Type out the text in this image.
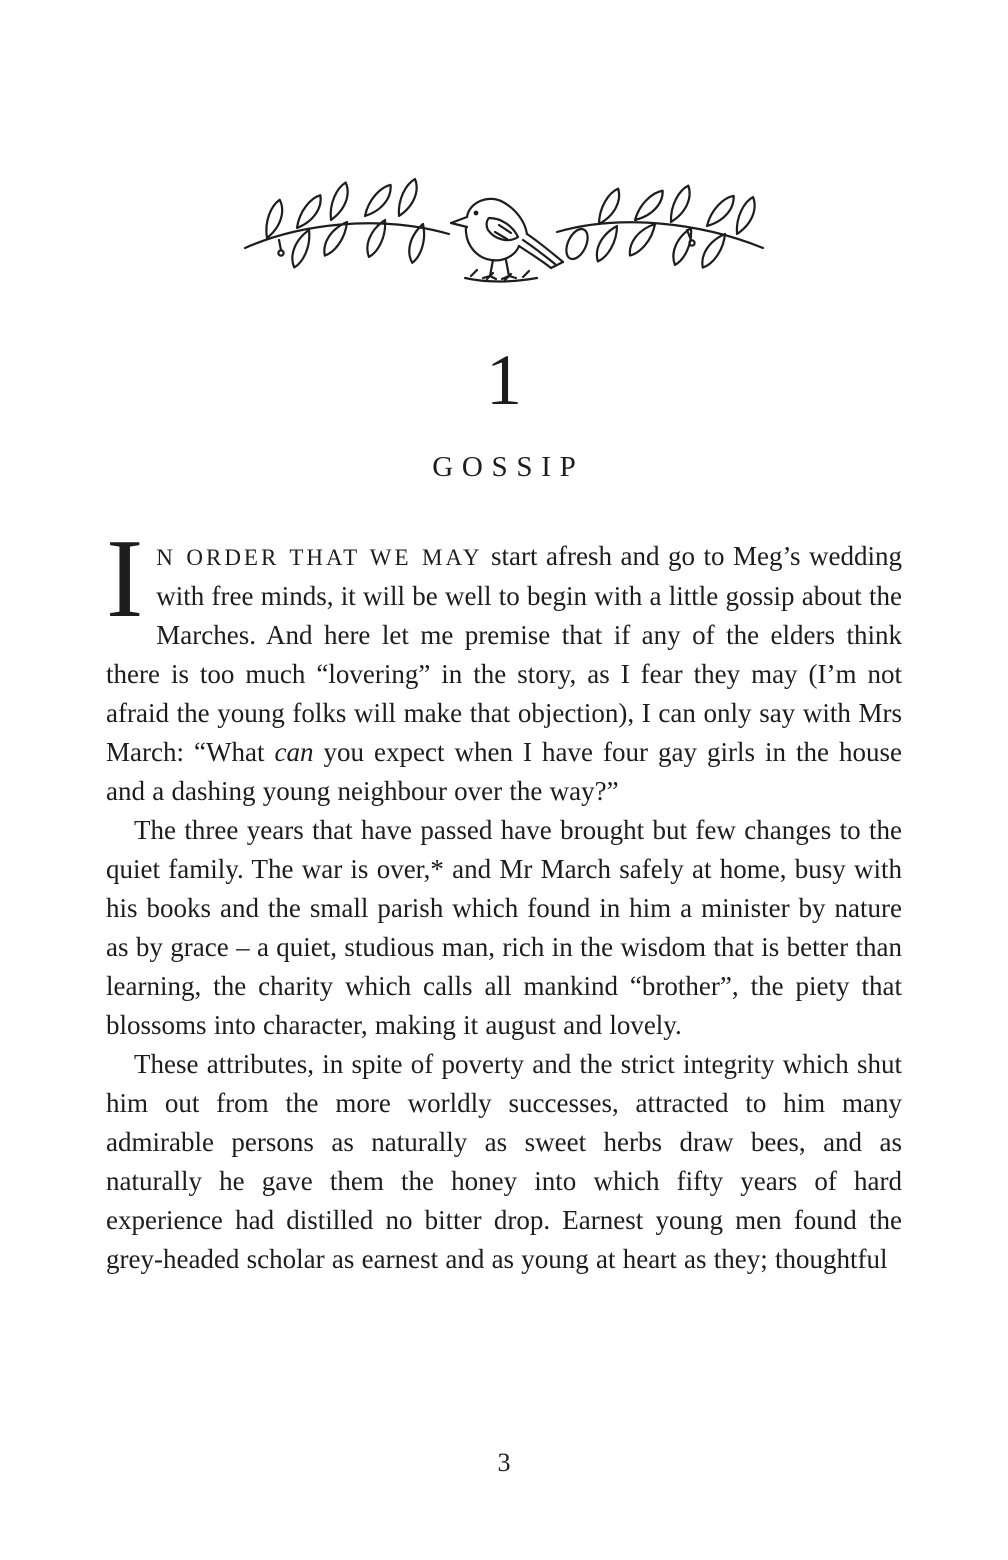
1
GOSSIP

I N ORDER THAT WE MAY start afresh and go to Meg’s wedding with free minds, it will be well to begin with a little gossip about the Marches. And here let me premise that if any of the elders think there is too much “lovering” in the story, as I fear they may (I’m not afraid the young folks will make that objection), I can only say with Mrs March: “What can you expect when I have four gay girls in the house and a dashing young neighbour over the way?”

The three years that have passed have brought but few changes to the quiet family. The war is over,* and Mr March safely at home, busy with his books and the small parish which found in him a minister by nature as by grace – a quiet, studious man, rich in the wisdom that is better than learning, the charity which calls all mankind “brother”, the piety that blossoms into character, making it august and lovely.

These attributes, in spite of poverty and the strict integrity which shut him out from the more worldly successes, attracted to him many admirable persons as naturally as sweet herbs draw bees, and as naturally he gave them the honey into which fifty years of hard experience had distilled no bitter drop. Earnest young men found the grey-headed scholar as earnest and as young at heart as they; thoughtful

3
